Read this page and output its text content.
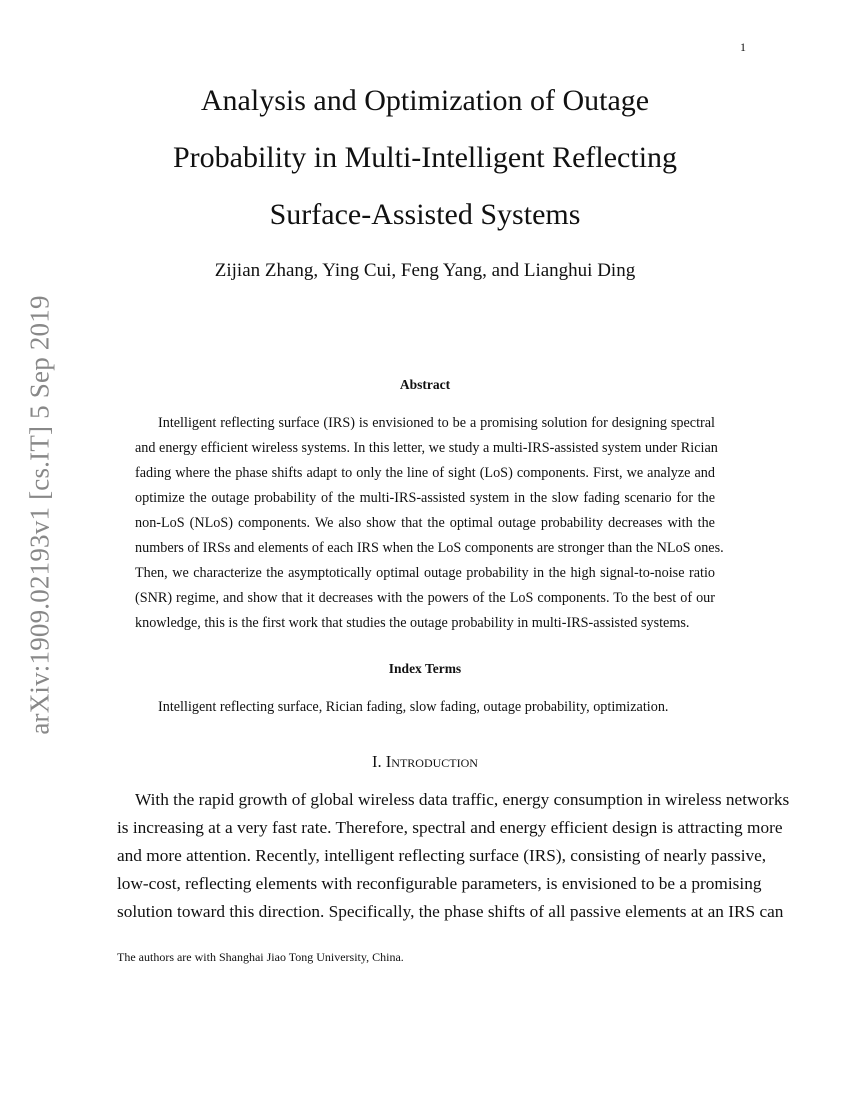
1
arXiv:1909.02193v1 [cs.IT] 5 Sep 2019
Analysis and Optimization of Outage
Probability in Multi-Intelligent Reflecting
Surface-Assisted Systems
Zijian Zhang, Ying Cui, Feng Yang, and Lianghui Ding
Abstract
Intelligent reflecting surface (IRS) is envisioned to be a promising solution for designing spectral
and energy efficient wireless systems. In this letter, we study a multi-IRS-assisted system under Rician
fading where the phase shifts adapt to only the line of sight (LoS) components. First, we analyze and
optimize the outage probability of the multi-IRS-assisted system in the slow fading scenario for the
non-LoS (NLoS) components. We also show that the optimal outage probability decreases with the
numbers of IRSs and elements of each IRS when the LoS components are stronger than the NLoS ones.
Then, we characterize the asymptotically optimal outage probability in the high signal-to-noise ratio
(SNR) regime, and show that it decreases with the powers of the LoS components. To the best of our
knowledge, this is the first work that studies the outage probability in multi-IRS-assisted systems.
Index Terms
Intelligent reflecting surface, Rician fading, slow fading, outage probability, optimization.
I. Introduction
With the rapid growth of global wireless data traffic, energy consumption in wireless networks
is increasing at a very fast rate. Therefore, spectral and energy efficient design is attracting more
and more attention. Recently, intelligent reflecting surface (IRS), consisting of nearly passive,
low-cost, reflecting elements with reconfigurable parameters, is envisioned to be a promising
solution toward this direction. Specifically, the phase shifts of all passive elements at an IRS can
The authors are with Shanghai Jiao Tong University, China.
